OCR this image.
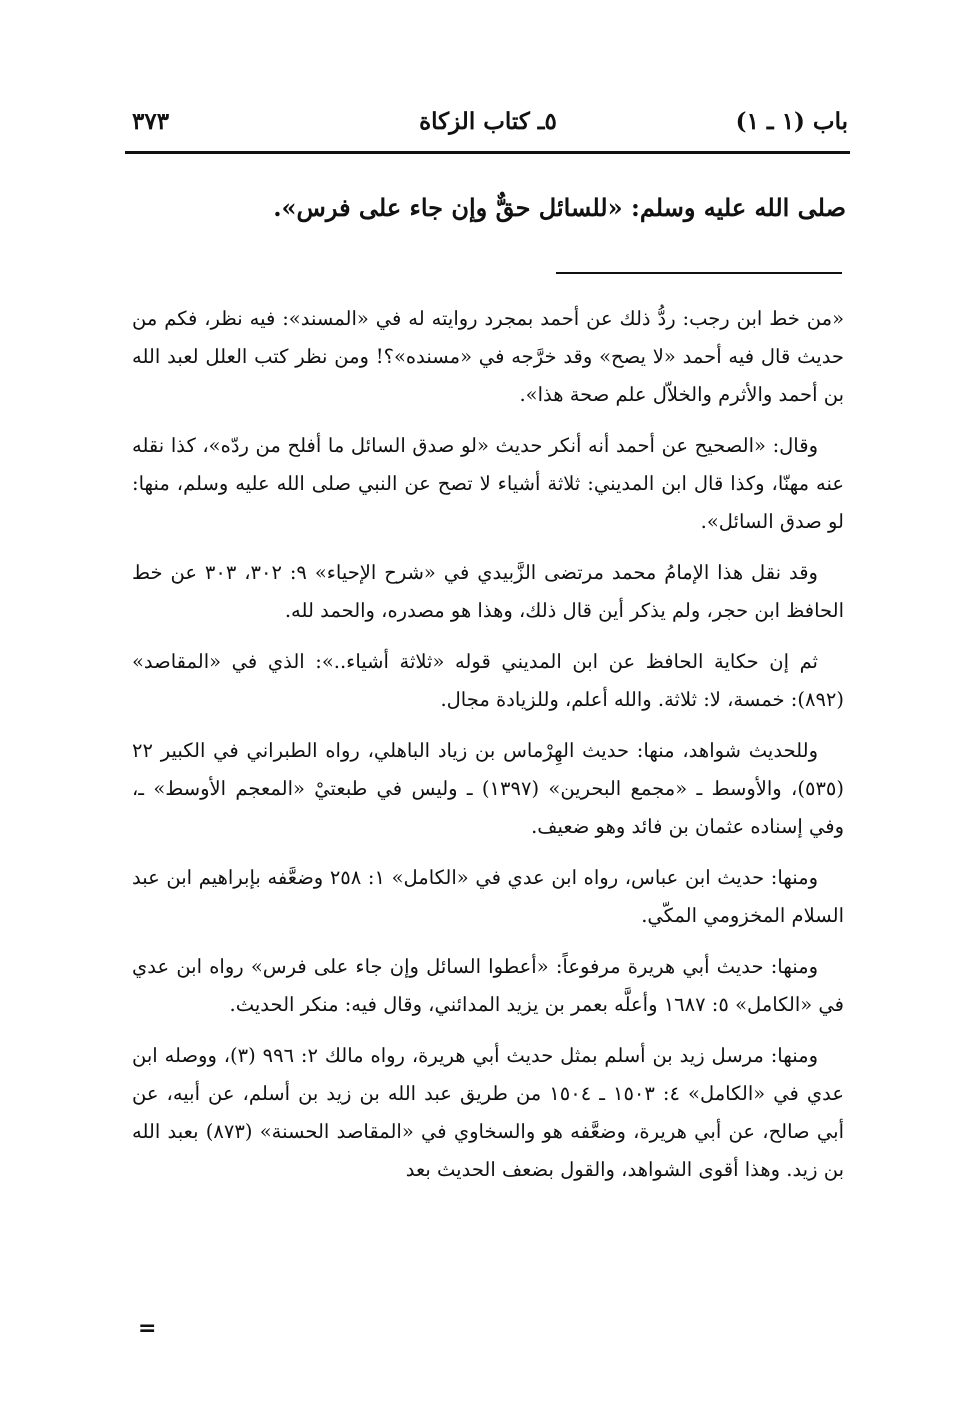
باب (١ ـ ١)
٥ـ كتاب الزكاة
٣٧٣
صلى الله عليه وسلم: «للسائل حقٌّ وإن جاء على فرس».

«من خط ابن رجب: ردُّ ذلك عن أحمد بمجرد روايته له في «المسند»: فيه نظر، فكم من حديث قال فيه أحمد «لا يصح» وقد خرَّجه في «مسنده»؟! ومن نظر كتب العلل لعبد الله بن أحمد والأثرم والخلاّل علم صحة هذا».

وقال: «الصحيح عن أحمد أنه أنكر حديث «لو صدق السائل ما أفلح من ردّه»، كذا نقله عنه مهنّا، وكذا قال ابن المديني: ثلاثة أشياء لا تصح عن النبي صلى الله عليه وسلم، منها: لو صدق السائل».

وقد نقل هذا الإمامُ محمد مرتضى الزَّبيدي في «شرح الإحياء» ٩: ٣٠٢، ٣٠٣ عن خط الحافظ ابن حجر، ولم يذكر أين قال ذلك، وهذا هو مصدره، والحمد لله.

ثم إن حكاية الحافظ عن ابن المديني قوله «ثلاثة أشياء..»: الذي في «المقاصد» (٨٩٢): خمسة، لا: ثلاثة. والله أعلم، وللزيادة مجال.

وللحديث شواهد، منها: حديث الهِرْماس بن زياد الباهلي، رواه الطبراني في الكبير ٢٢ (٥٣٥)، والأوسط ـ «مجمع البحرين» (١٣٩٧) ـ وليس في طبعتيْ «المعجم الأوسط» ـ، وفي إسناده عثمان بن فائد وهو ضعيف.

ومنها: حديث ابن عباس، رواه ابن عدي في «الكامل» ١: ٢٥٨ وضعَّفه بإبراهيم ابن عبد السلام المخزومي المكّي.

ومنها: حديث أبي هريرة مرفوعاً: «أعطوا السائل وإن جاء على فرس» رواه ابن عدي في «الكامل» ٥: ١٦٨٧ وأعلَّه بعمر بن يزيد المدائني، وقال فيه: منكر الحديث.

ومنها: مرسل زيد بن أسلم بمثل حديث أبي هريرة، رواه مالك ٢: ٩٩٦ (٣)، ووصله ابن عدي في «الكامل» ٤: ١٥٠٣ ـ ١٥٠٤ من طريق عبد الله بن زيد بن أسلم، عن أبيه، عن أبي صالح، عن أبي هريرة، وضعَّفه هو والسخاوي في «المقاصد الحسنة» (٨٧٣) بعبد الله بن زيد. وهذا أقوى الشواهد، والقول بضعف الحديث بعد

=
